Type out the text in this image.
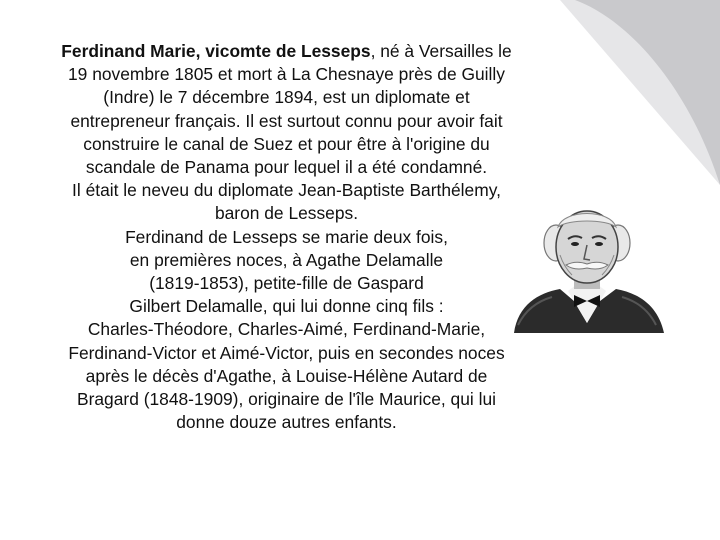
Ferdinand Marie, vicomte de Lesseps, né à Versailles le
19 novembre 1805 et mort à La Chesnaye près de Guilly
(Indre) le 7 décembre 1894, est un diplomate et
entrepreneur français. Il est surtout connu pour avoir fait
construire le canal de Suez et pour être à l'origine du
scandale de Panama pour lequel il a été condamné.
Il était le neveu du diplomate Jean-Baptiste Barthélemy,
baron de Lesseps.
Ferdinand de Lesseps se marie deux fois,
en premières noces, à Agathe Delamalle
(1819-1853), petite-fille de Gaspard
Gilbert Delamalle, qui lui donne cinq fils :
Charles-Théodore, Charles-Aimé, Ferdinand-Marie,
Ferdinand-Victor et Aimé-Victor, puis en secondes noces
après le décès d'Agathe, à Louise-Hélène Autard de
Bragard (1848-1909), originaire de l'île Maurice, qui lui
donne douze autres enfants.
